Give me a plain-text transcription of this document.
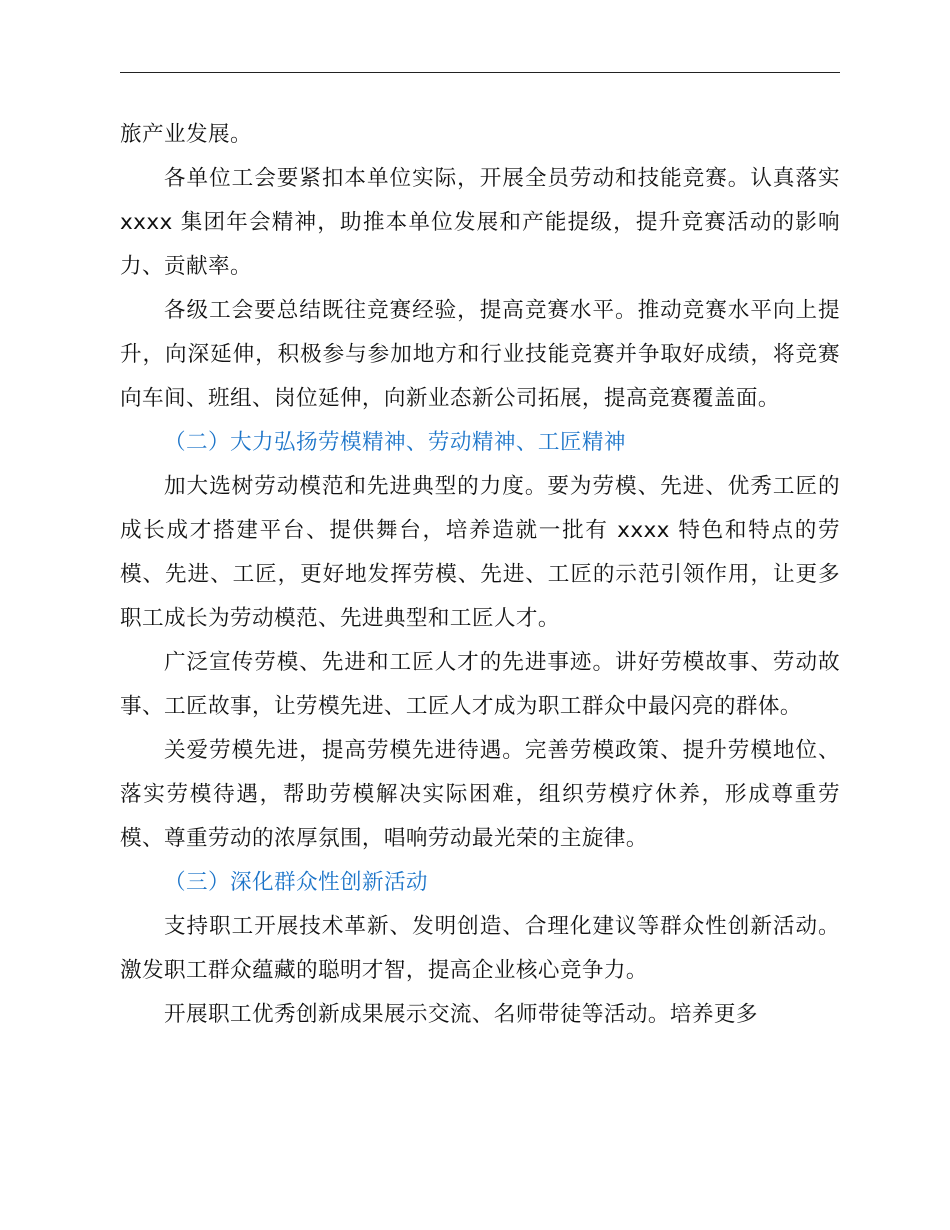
旅产业发展。

各单位工会要紧扣本单位实际，开展全员劳动和技能竞赛。认真落实 xxxx 集团年会精神，助推本单位发展和产能提级，提升竞赛活动的影响力、贡献率。

各级工会要总结既往竞赛经验，提高竞赛水平。推动竞赛水平向上提升，向深延伸，积极参与参加地方和行业技能竞赛并争取好成绩，将竞赛向车间、班组、岗位延伸，向新业态新公司拓展，提高竞赛覆盖面。

（二）大力弘扬劳模精神、劳动精神、工匠精神

加大选树劳动模范和先进典型的力度。要为劳模、先进、优秀工匠的成长成才搭建平台、提供舞台，培养造就一批有 xxxx 特色和特点的劳模、先进、工匠，更好地发挥劳模、先进、工匠的示范引领作用，让更多职工成长为劳动模范、先进典型和工匠人才。

广泛宣传劳模、先进和工匠人才的先进事迹。讲好劳模故事、劳动故事、工匠故事，让劳模先进、工匠人才成为职工群众中最闪亮的群体。

关爱劳模先进，提高劳模先进待遇。完善劳模政策、提升劳模地位、落实劳模待遇，帮助劳模解决实际困难，组织劳模疗休养，形成尊重劳模、尊重劳动的浓厚氛围，唱响劳动最光荣的主旋律。

（三）深化群众性创新活动

支持职工开展技术革新、发明创造、合理化建议等群众性创新活动。激发职工群众蕴藏的聪明才智，提高企业核心竞争力。

开展职工优秀创新成果展示交流、名师带徒等活动。培养更多
